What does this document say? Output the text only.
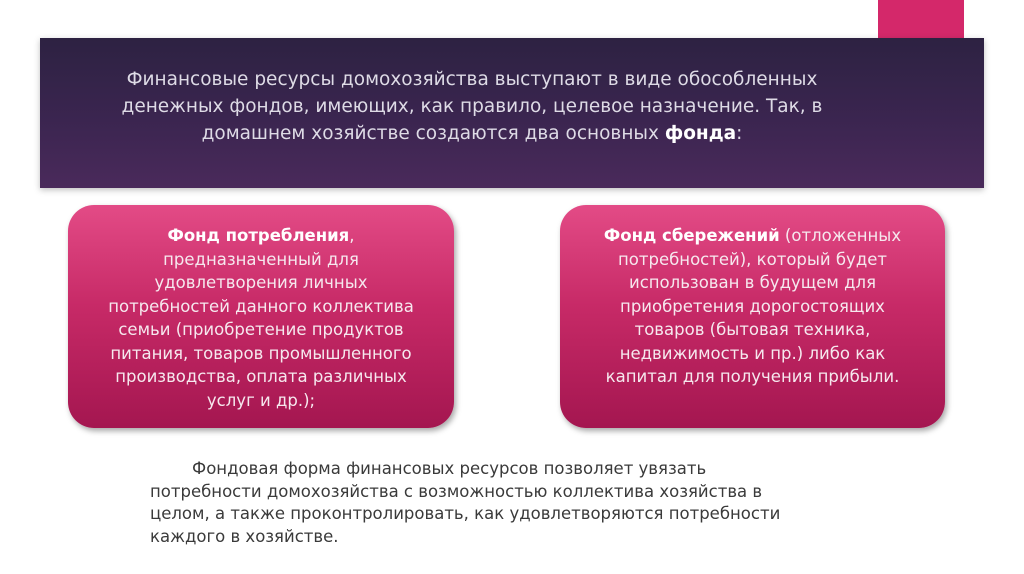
Финансовые ресурсы домохозяйства выступают в виде обособленных
денежных фондов, имеющих, как правило, целевое назначение. Так, в
домашнем хозяйстве создаются два основных фонда:
Фонд потребления,
предназначенный для
удовлетворения личных
потребностей данного коллектива
семьи (приобретение продуктов
питания, товаров промышленного
производства, оплата различных
услуг и др.);
Фонд сбережений (отложенных
потребностей), который будет
использован в будущем для
приобретения дорогостоящих
товаров (бытовая техника,
недвижимость и пр.) либо как
капитал для получения прибыли.
Фондовая форма финансовых ресурсов позволяет увязать
потребности домохозяйства с возможностью коллектива хозяйства в
целом, а также проконтролировать, как удовлетворяются потребности
каждого в хозяйстве.
